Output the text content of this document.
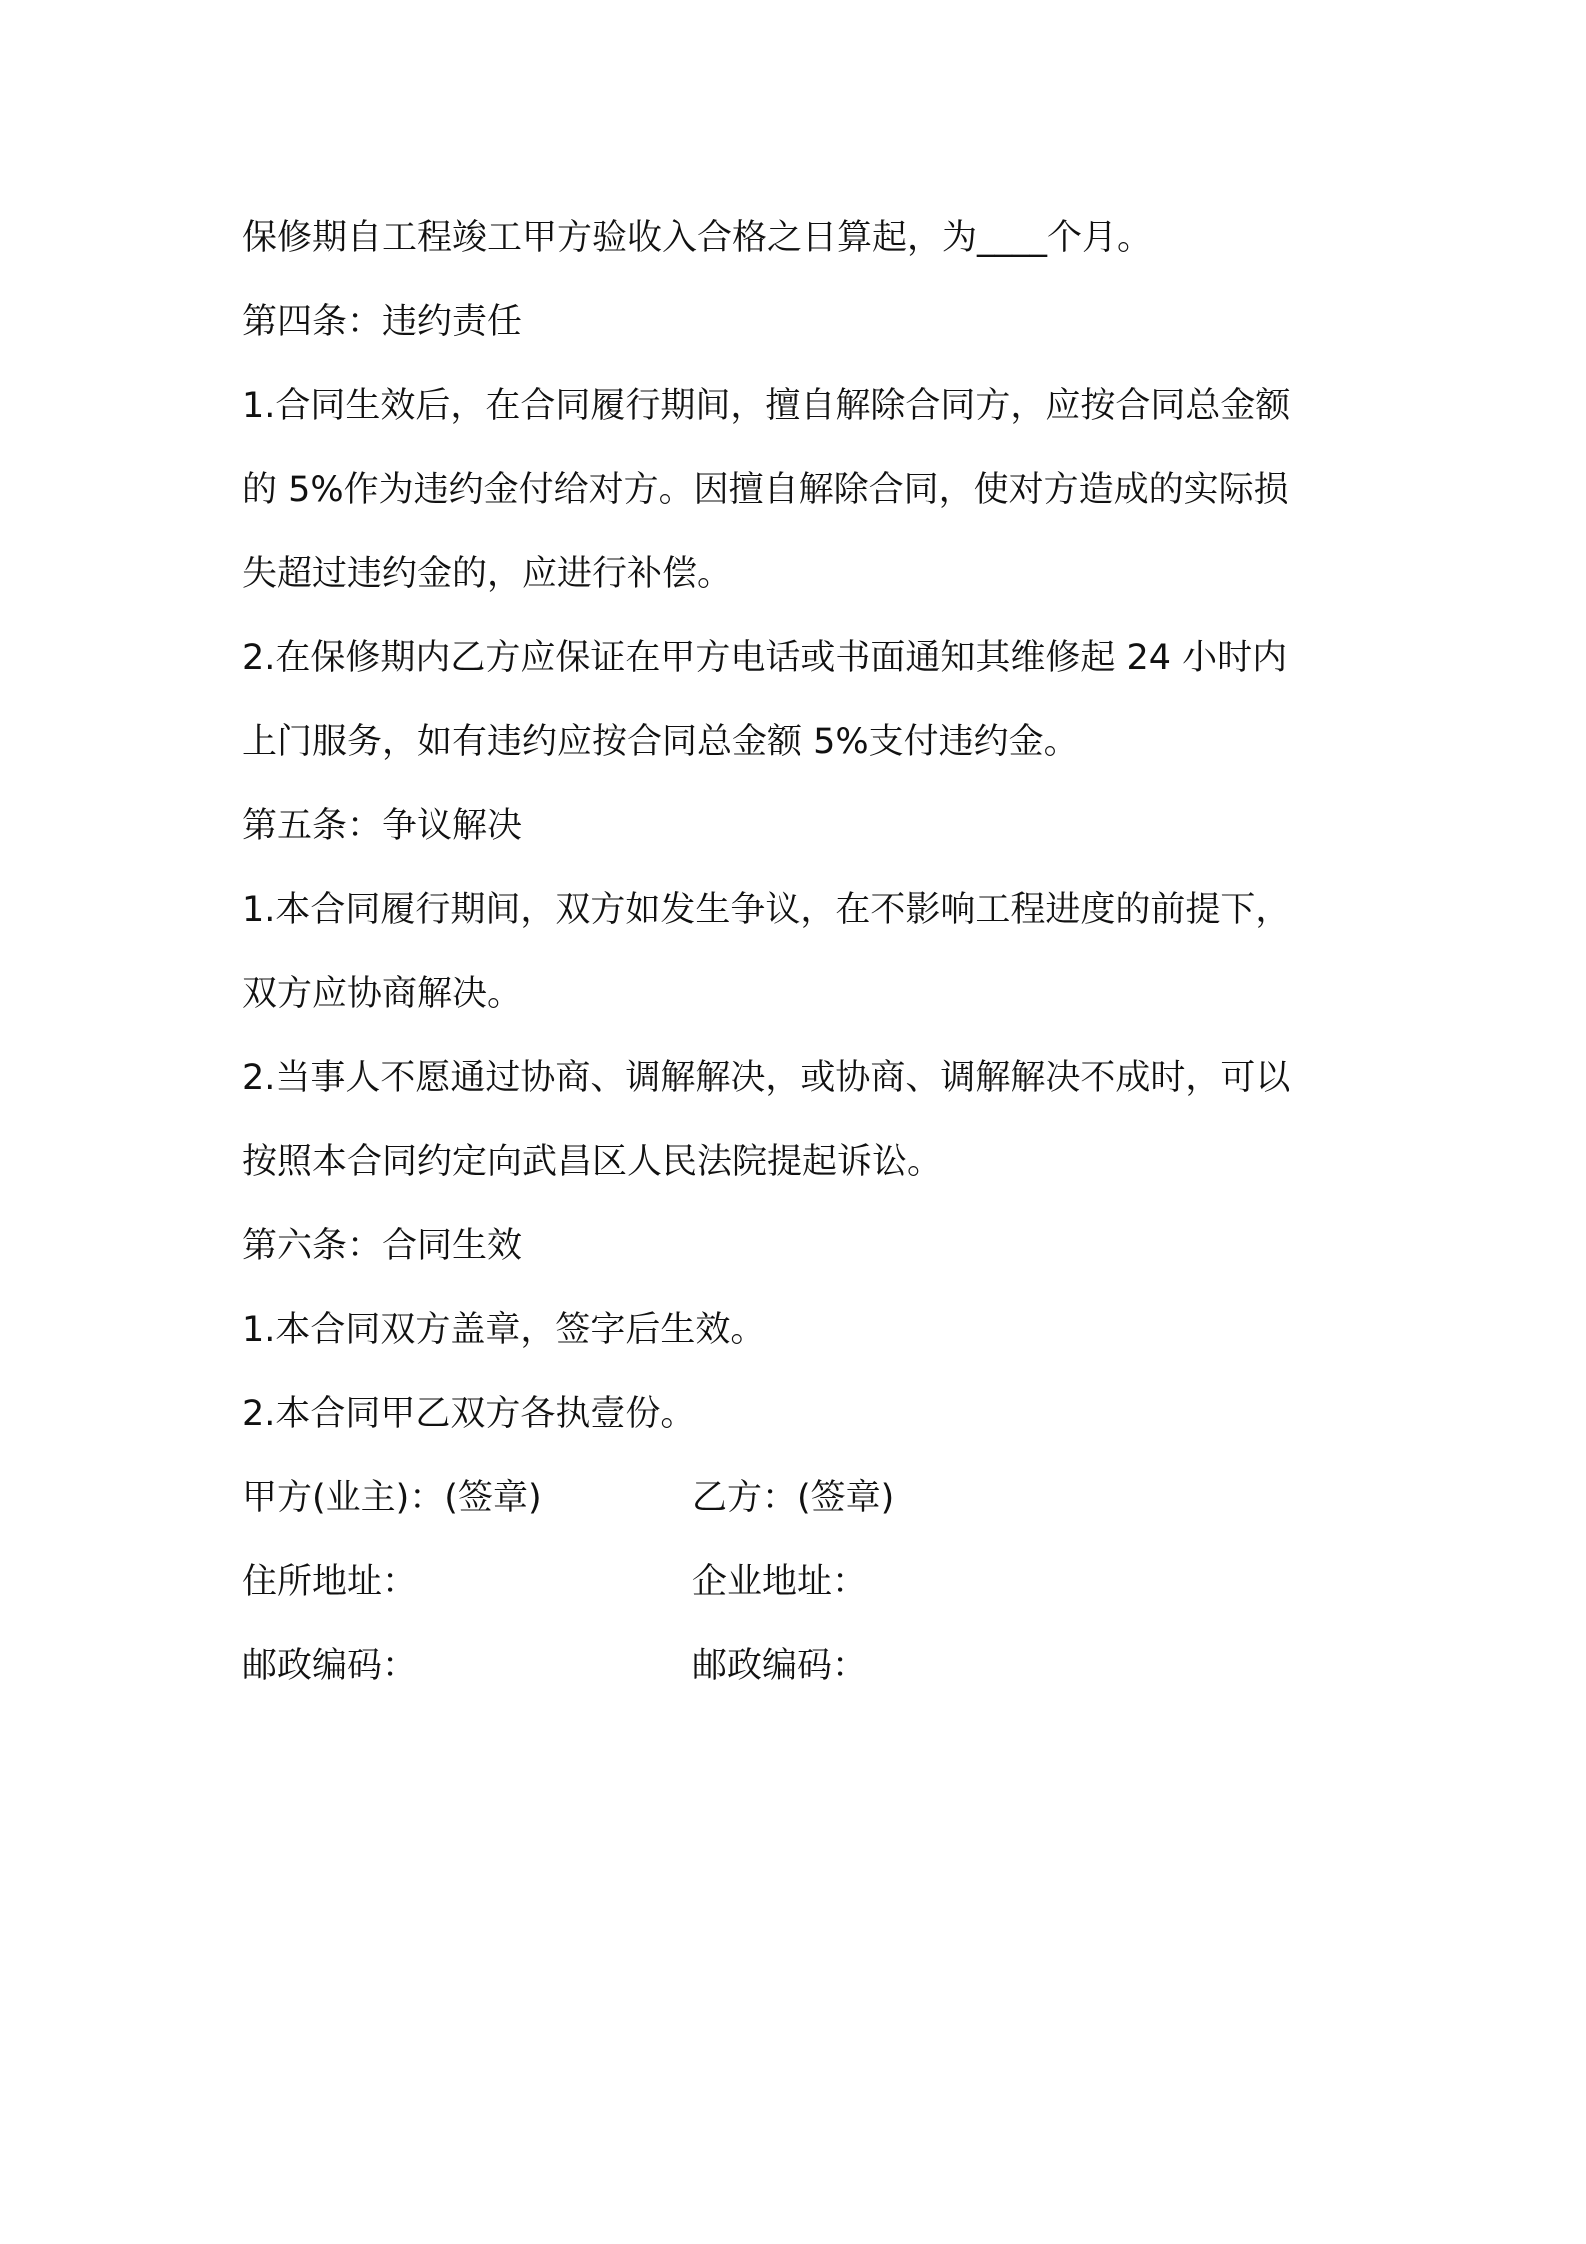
保修期自工程竣工甲方验收入合格之日算起，为____个月。
第四条：违约责任
1.合同生效后，在合同履行期间，擅自解除合同方，应按合同总金额
的 5%作为违约金付给对方。因擅自解除合同，使对方造成的实际损
失超过违约金的，应进行补偿。
2.在保修期内乙方应保证在甲方电话或书面通知其维修起 24 小时内
上门服务，如有违约应按合同总金额 5%支付违约金。
第五条：争议解决
1.本合同履行期间，双方如发生争议，在不影响工程进度的前提下，
双方应协商解决。
2.当事人不愿通过协商、调解解决，或协商、调解解决不成时，可以
按照本合同约定向武昌区人民法院提起诉讼。
第六条：合同生效
1.本合同双方盖章，签字后生效。
2.本合同甲乙双方各执壹份。
甲方(业主)：(签章)	乙方：(签章)
住所地址：	企业地址：
邮政编码：	邮政编码：
